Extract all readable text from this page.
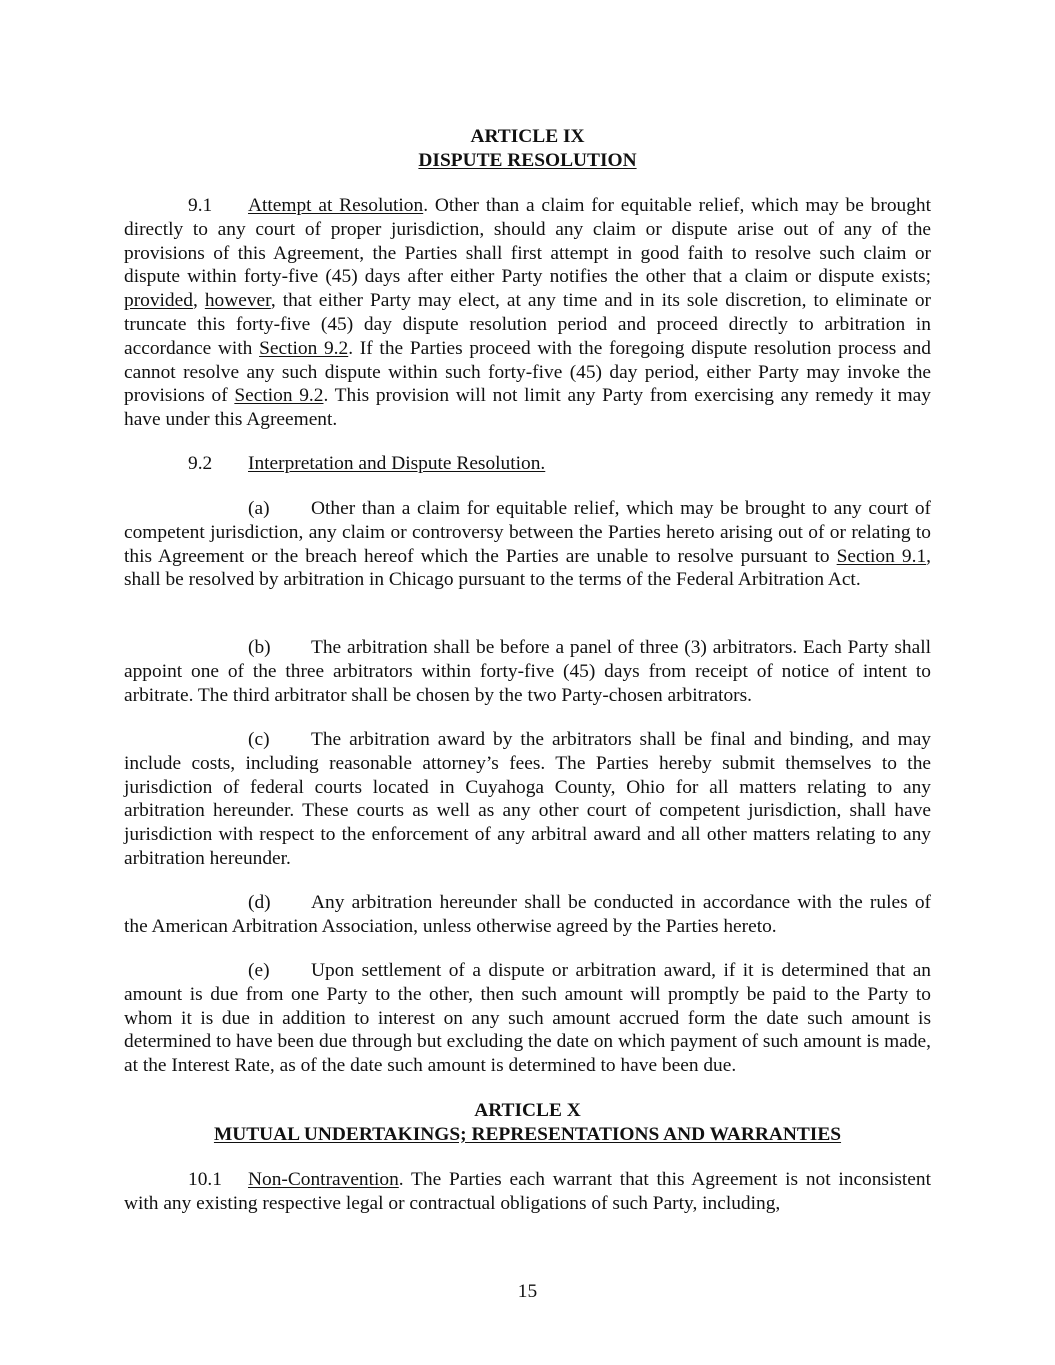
ARTICLE IX
DISPUTE RESOLUTION

9.1 Attempt at Resolution. Other than a claim for equitable relief, which may be brought directly to any court of proper jurisdiction, should any claim or dispute arise out of any of the provisions of this Agreement, the Parties shall first attempt in good faith to resolve such claim or dispute within forty-five (45) days after either Party notifies the other that a claim or dispute exists; provided, however, that either Party may elect, at any time and in its sole discretion, to eliminate or truncate this forty-five (45) day dispute resolution period and proceed directly to arbitration in accordance with Section 9.2. If the Parties proceed with the foregoing dispute resolution process and cannot resolve any such dispute within such forty-five (45) day period, either Party may invoke the provisions of Section 9.2. This provision will not limit any Party from exercising any remedy it may have under this Agreement.

9.2 Interpretation and Dispute Resolution.

(a) Other than a claim for equitable relief, which may be brought to any court of competent jurisdiction, any claim or controversy between the Parties hereto arising out of or relating to this Agreement or the breach hereof which the Parties are unable to resolve pursuant to Section 9.1, shall be resolved by arbitration in Chicago pursuant to the terms of the Federal Arbitration Act.

(b) The arbitration shall be before a panel of three (3) arbitrators. Each Party shall appoint one of the three arbitrators within forty-five (45) days from receipt of notice of intent to arbitrate. The third arbitrator shall be chosen by the two Party-chosen arbitrators.

(c) The arbitration award by the arbitrators shall be final and binding, and may include costs, including reasonable attorney’s fees. The Parties hereby submit themselves to the jurisdiction of federal courts located in Cuyahoga County, Ohio for all matters relating to any arbitration hereunder. These courts as well as any other court of competent jurisdiction, shall have jurisdiction with respect to the enforcement of any arbitral award and all other matters relating to any arbitration hereunder.

(d) Any arbitration hereunder shall be conducted in accordance with the rules of the American Arbitration Association, unless otherwise agreed by the Parties hereto.

(e) Upon settlement of a dispute or arbitration award, if it is determined that an amount is due from one Party to the other, then such amount will promptly be paid to the Party to whom it is due in addition to interest on any such amount accrued form the date such amount is determined to have been due through but excluding the date on which payment of such amount is made, at the Interest Rate, as of the date such amount is determined to have been due.

ARTICLE X
MUTUAL UNDERTAKINGS; REPRESENTATIONS AND WARRANTIES

10.1 Non-Contravention. The Parties each warrant that this Agreement is not inconsistent with any existing respective legal or contractual obligations of such Party, including,

15
